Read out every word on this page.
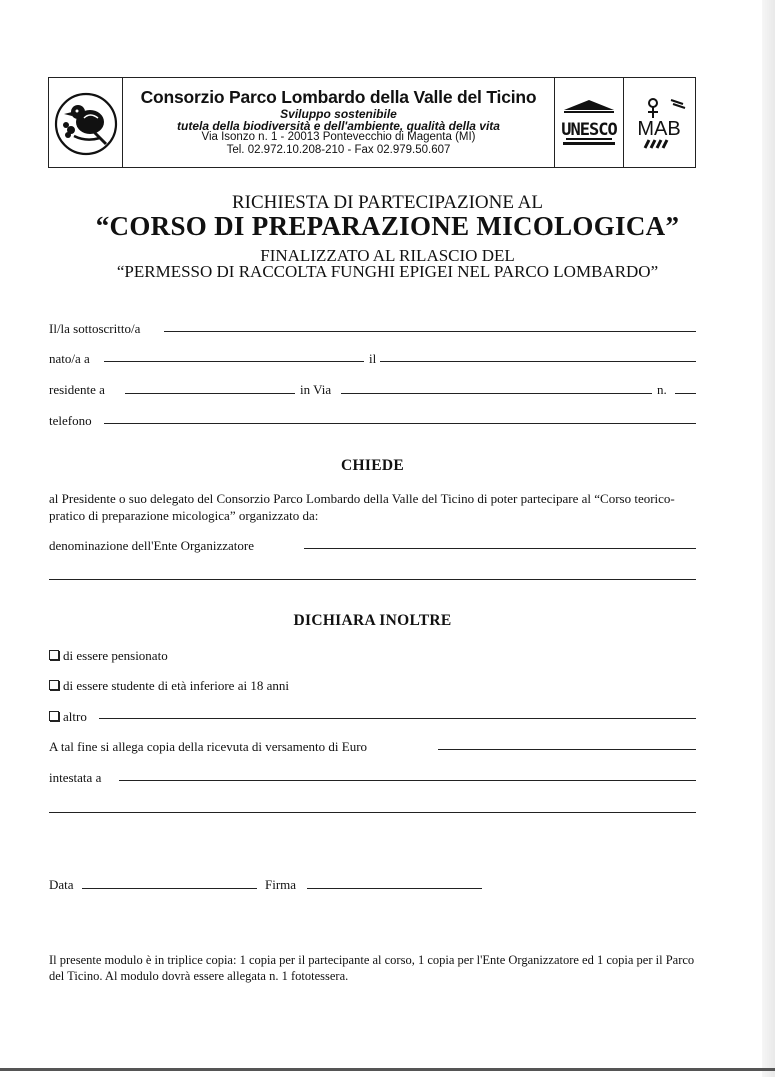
Consorzio Parco Lombardo della Valle del Ticino
Sviluppo sostenibile
tutela della biodiversità e dell'ambiente, qualità della vita
Via Isonzo n. 1 - 20013 Pontevecchio di Magenta (MI)
Tel. 02.972.10.208-210 - Fax 02.979.50.607
UNESCO MAB
RICHIESTA DI PARTECIPAZIONE AL
“CORSO DI PREPARAZIONE MICOLOGICA”
FINALIZZATO AL RILASCIO DEL
“PERMESSO DI RACCOLTA FUNGHI EPIGEI NEL PARCO LOMBARDO”
Il/la sottoscritto/a
nato/a a	il
residente a	in Via	n.
telefono
CHIEDE
al Presidente o suo delegato del Consorzio Parco Lombardo della Valle del Ticino di poter partecipare al “Corso teorico-pratico di preparazione micologica” organizzato da:
denominazione dell'Ente Organizzatore
DICHIARA INOLTRE
di essere pensionato
di essere studente di età inferiore ai 18 anni
altro
A tal fine si allega copia della ricevuta di versamento di Euro
intestata a
Data	Firma
Il presente modulo è in triplice copia: 1 copia per il partecipante al corso, 1 copia per l'Ente Organizzatore ed 1 copia per il Parco del Ticino. Al modulo dovrà essere allegata n. 1 fototessera.
